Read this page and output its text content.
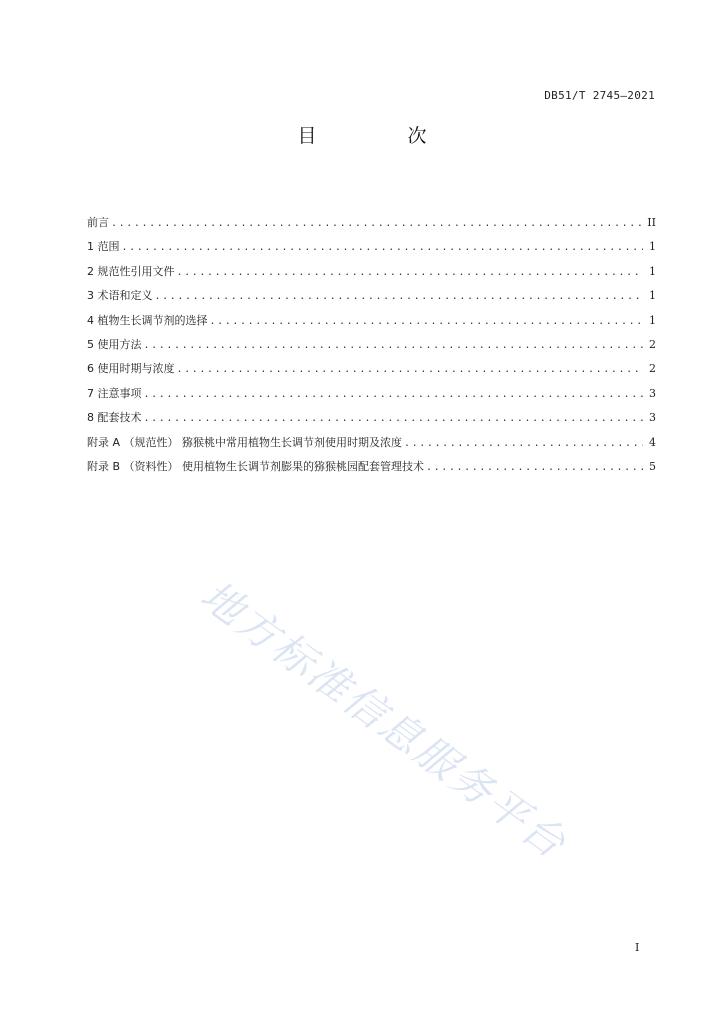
DB51/T 2745—2021
目　次
前言 .....	II
1 范围 .....	1
2 规范性引用文件 .....	1
3 术语和定义 .....	1
4 植物生长调节剂的选择 .....	1
5 使用方法 .....	2
6 使用时期与浓度 .....	2
7 注意事项 .....	3
8 配套技术 .....	3
附录 A （规范性） 猕猴桃中常用植物生长调节剂使用时期及浓度 .....	4
附录 B （资料性） 使用植物生长调节剂膨果的猕猴桃园配套管理技术 .....	5
地方标准信息服务平台
I
